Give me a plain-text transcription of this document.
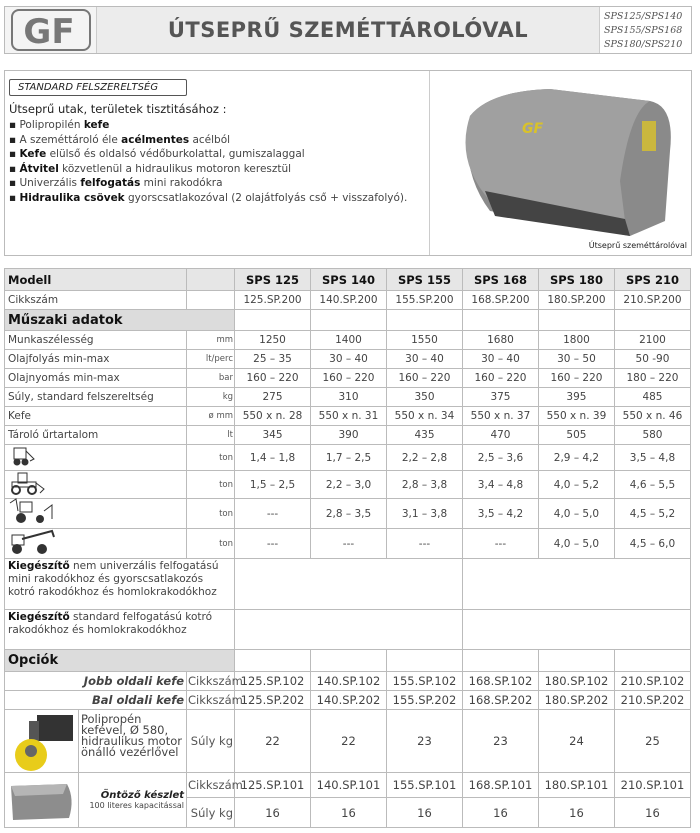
GF	ÚTSEPRŰ SZEMÉTTÁROLÓVAL
SPS125/SPS140
SPS155/SPS168
SPS180/SPS210
STANDARD FELSZERELTSÉG
Útseprű utak, területek tisztitásához :
▪ Polipropilén kefe
▪ A szeméttároló éle acélmentes acélból
▪ Kefe elülső és oldalsó védőburkolattal, gumiszalaggal
▪ Átvitel közvetlenül a hidraulikus motoron keresztül
▪ Univerzális felfogatás mini rakodókra
▪ Hidraulika csövek gyorscsatlakozóval (2 olajátfolyás cső + visszafolyó).
GF
Útseprű szeméttárolóval
Modell			SPS 125	SPS 140	SPS 155	SPS 168	SPS 180	SPS 210
Cikkszám			125.SP.200	140.SP.200	155.SP.200	168.SP.200	180.SP.200	210.SP.200
Műszaki adatok								
Munkaszélesség		mm	1250	1400	1550	1680	1800	2100
Olajfolyás min-max		lt/perc	25 – 35	30 – 40	30 – 40	30 – 40	30 – 50	50 -90
Olajnyomás min-max		bar	160 – 220	160 – 220	160 – 220	160 – 220	160 – 220	180 – 220
Súly, standard felszereltség		kg	275	310	350	375	395	485
Kefe		ø mm	550 x n. 28	550 x n. 31	550 x n. 34	550 x n. 37	550 x n. 39	550 x n. 46
Tároló űrtartalom		lt	345	390	435	470	505	580
	ton	1,4 – 1,8	1,7 – 2,5	2,2 – 2,8	2,5 – 3,6	2,9 – 4,2	3,5 – 4,8
	ton	1,5 – 2,5	2,2 – 3,0	2,8 – 3,8	3,4 – 4,8	4,0 – 5,2	4,6 – 5,5
	ton	---	2,8 – 3,5	3,1 – 3,8	3,5 – 4,2	4,0 – 5,0	4,5 – 5,2
	ton	---	---	---	---	4,0 – 5,0	4,5 – 6,0
Kiegészítő nem univerzális felfogatású mini rakodókhoz és gyorscsatlakozós kotró rakodókhoz és homlokrakodókhoz								
Kiegészítő standard felfogatású kotró rakodókhoz és homlokrakodókhoz								
Opciók								
Jobb oldali kefe		Cikkszám	125.SP.102	140.SP.102	155.SP.102	168.SP.102	180.SP.102	210.SP.102
Bal oldali kefe		Cikkszám	125.SP.202	140.SP.202	155.SP.202	168.SP.202	180.SP.202	210.SP.202
	Polipropén kefével, Ø 580, hidraulikus motor önálló vezérlővel	Súly kg	22	22	23	23	24	25

Öntöző készlet
100 literes kapacitással	Cikkszám	125.SP.101	140.SP.101	155.SP.101	168.SP.101	180.SP.101	210.SP.101
		Súly kg	16	16	16	16	16	16
